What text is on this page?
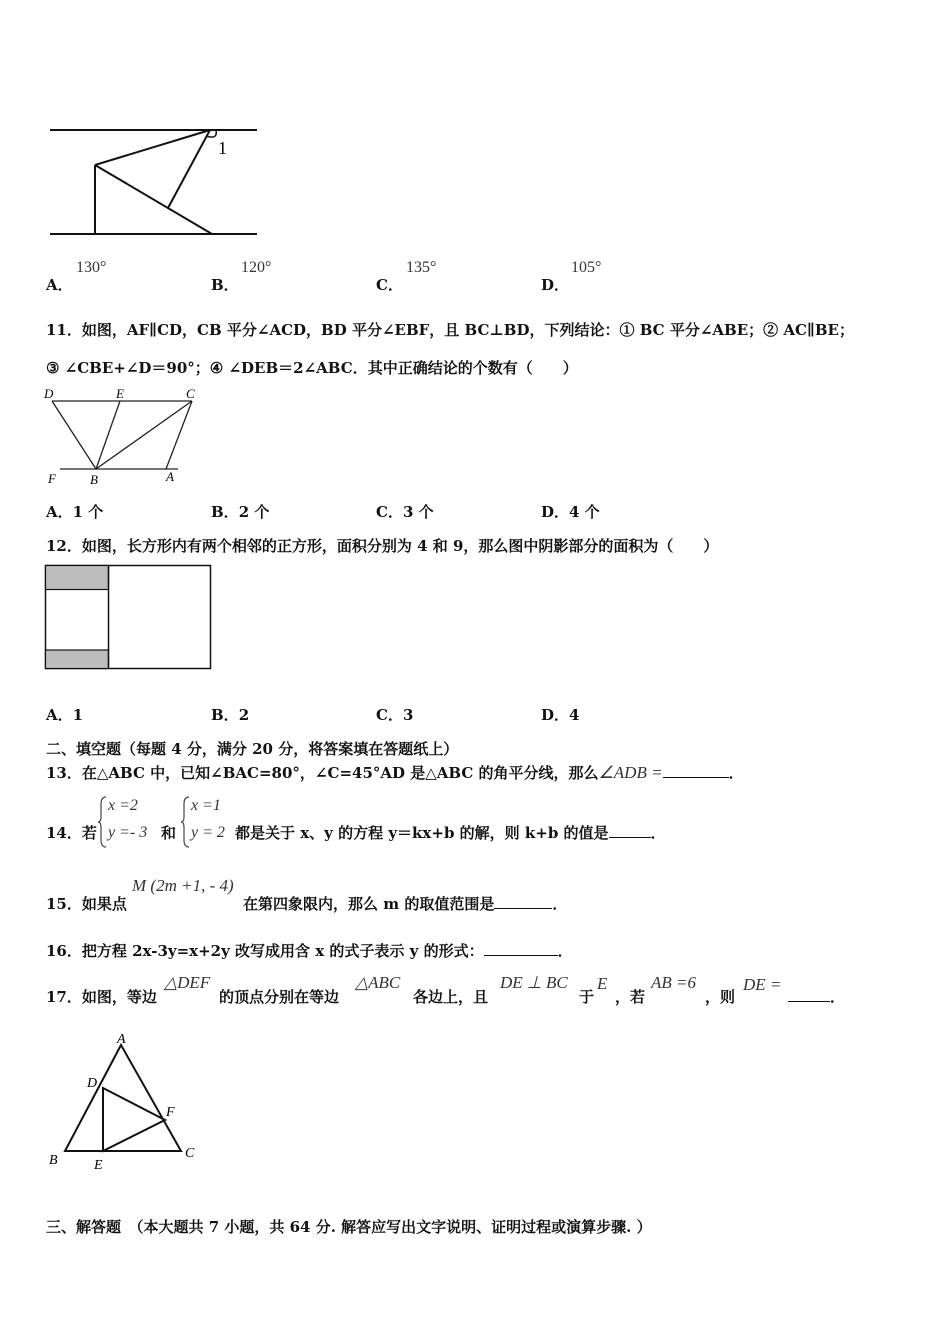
1
A．
130°
B．
120°
C．
135°
D．
105°
11．如图，AF∥CD，CB 平分∠ACD，BD 平分∠EBF，且 BC⊥BD，下列结论：① BC 平分∠ABE；② AC∥BE；
③ ∠CBE+∠D＝90°；④ ∠DEB＝2∠ABC．其中正确结论的个数有（　　）
D	E	C
F	B	A
A．1 个	B．2 个	C．3 个	D．4 个
12．如图，长方形内有两个相邻的正方形，面积分别为 4 和 9，那么图中阴影部分的面积为（　　）
A．1	B．2	C．3	D．4
二、填空题（每题 4 分，满分 20 分，将答案填在答题纸上）
13．在△ABC 中，已知∠BAC=80°，∠C=45°AD 是△ABC 的角平分线，那么∠ADB =	．
14．若
x =2
y =- 3 和
x =1
y = 2 都是关于 x、y 的方程 y＝kx+b 的解，则 k+b 的值是	．
15．如果点
M (2m +1, - 4)
在第四象限内，那么 m 的取值范围是	．
16．把方程 2x-3y=x+2y 改写成用含 x 的式子表示 y 的形式：	．
17．如图，等边
△DEF
的顶点分别在等边
△ABC
各边上，且
DE ⊥ BC
于
E
，若
AB =6
，则
DE =
．
A
D
F
B	E
C
三、解答题　（本大题共 7 小题，共 64 分. 解答应写出文字说明、证明过程或演算步骤. ）
